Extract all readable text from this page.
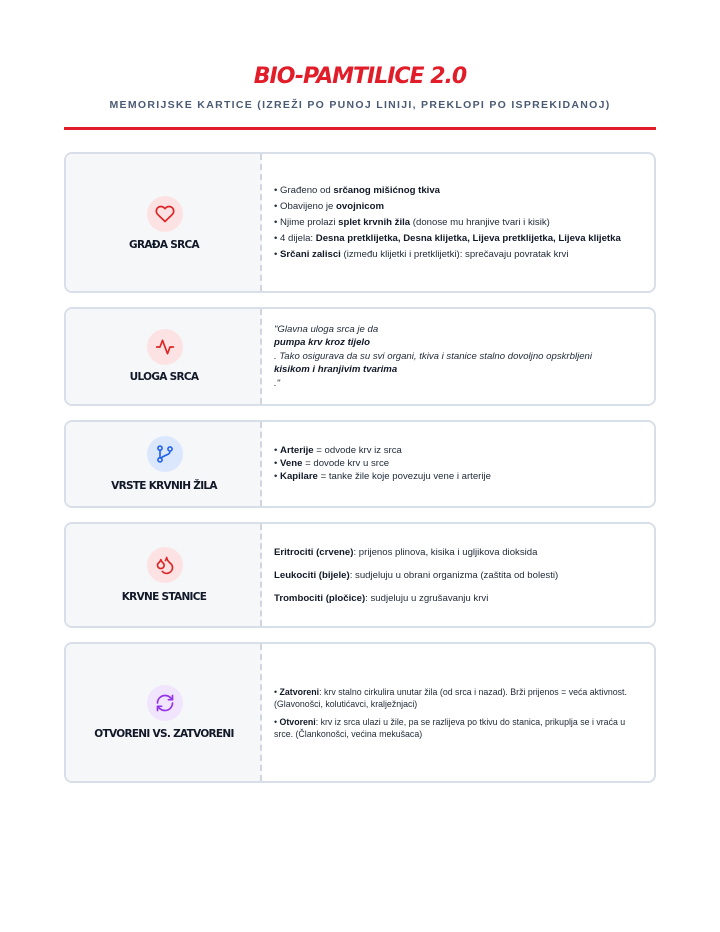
BIO-PAMTILICE 2.0
MEMORIJSKE KARTICE (IZREŽI PO PUNOJ LINIJI, PREKLOPI PO ISPREKIDANOJ)
GRAĐA SRCA
• Građeno od srčanog mišićnog tkiva
• Obavijeno je ovojnicom
• Njime prolazi splet krvnih žila (donose mu hranjive tvari i kisik)
• 4 dijela: Desna pretklijetka, Desna klijetka, Lijeva pretklijetka, Lijeva klijetka
• Srčani zalisci (između klijetki i pretklijetki): sprečavaju povratak krvi
ULOGA SRCA
"Glavna uloga srca je da
pumpa krv kroz tijelo
. Tako osigurava da su svi organi, tkiva i stanice stalno dovoljno opskrbljeni
kisikom i hranjivim tvarima
."
VRSTE KRVNIH ŽILA
• Arterije = odvode krv iz srca
• Vene = dovode krv u srce
• Kapilare = tanke žile koje povezuju vene i arterije
KRVNE STANICE

Eritrociti (crvene): prijenos plinova, kisika i ugljikova dioksida

Leukociti (bijele): sudjeluju u obrani organizma (zaštita od bolesti)

Trombociti (pločice): sudjeluju u zgrušavanju krvi

OTVORENI VS. ZATVORENI

• Zatvoreni: krv stalno cirkulira unutar žila (od srca i nazad). Brži prijenos = veća aktivnost. (Glavonošci, kolutićavci, kralježnjaci)

• Otvoreni: krv iz srca ulazi u žile, pa se razlijeva po tkivu do stanica, prikuplja se i vraća u srce. (Člankonošci, većina mekušaca)
